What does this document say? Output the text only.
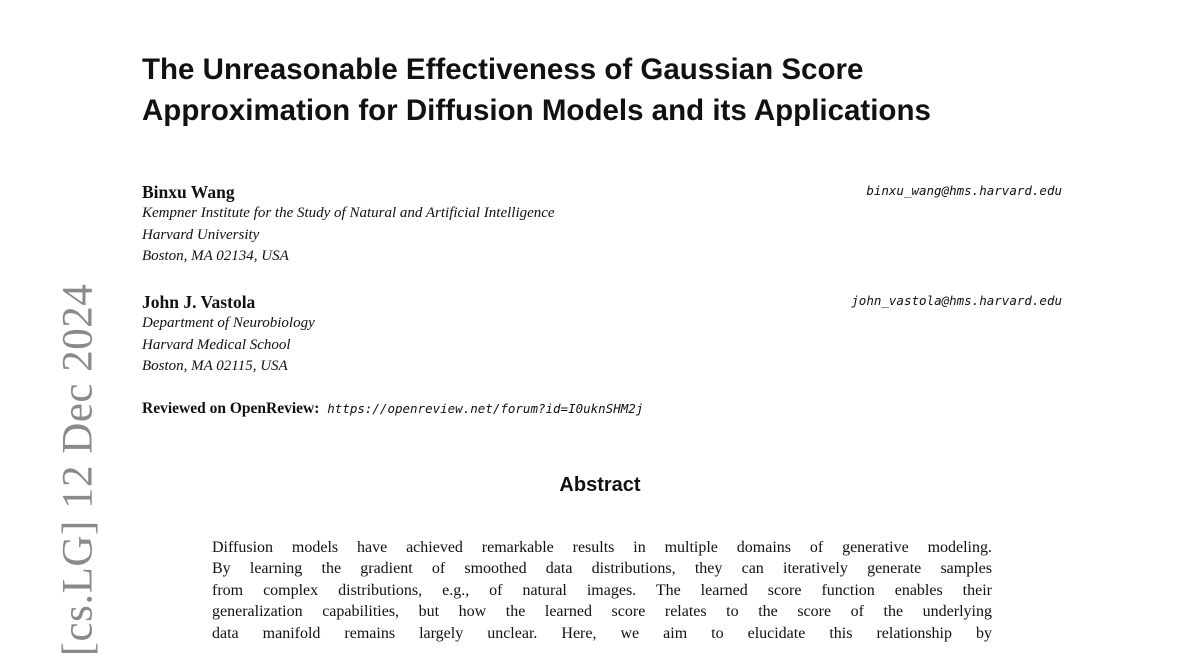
[cs.LG] 12 Dec 2024
The Unreasonable Effectiveness of Gaussian Score
Approximation for Diffusion Models and its Applications
Binxu Wang	binxu_wang@hms.harvard.edu
Kempner Institute for the Study of Natural and Artificial Intelligence
Harvard University
Boston, MA 02134, USA
John J. Vastola	john_vastola@hms.harvard.edu
Department of Neurobiology
Harvard Medical School
Boston, MA 02115, USA
Reviewed on OpenReview: https://openreview.net/forum?id=I0uknSHM2j
Abstract
Diffusion models have achieved remarkable results in multiple domains of generative modeling.
By learning the gradient of smoothed data distributions, they can iteratively generate samples
from complex distributions, e.g., of natural images. The learned score function enables their
generalization capabilities, but how the learned score relates to the score of the underlying
data manifold remains largely unclear. Here, we aim to elucidate this relationship by
